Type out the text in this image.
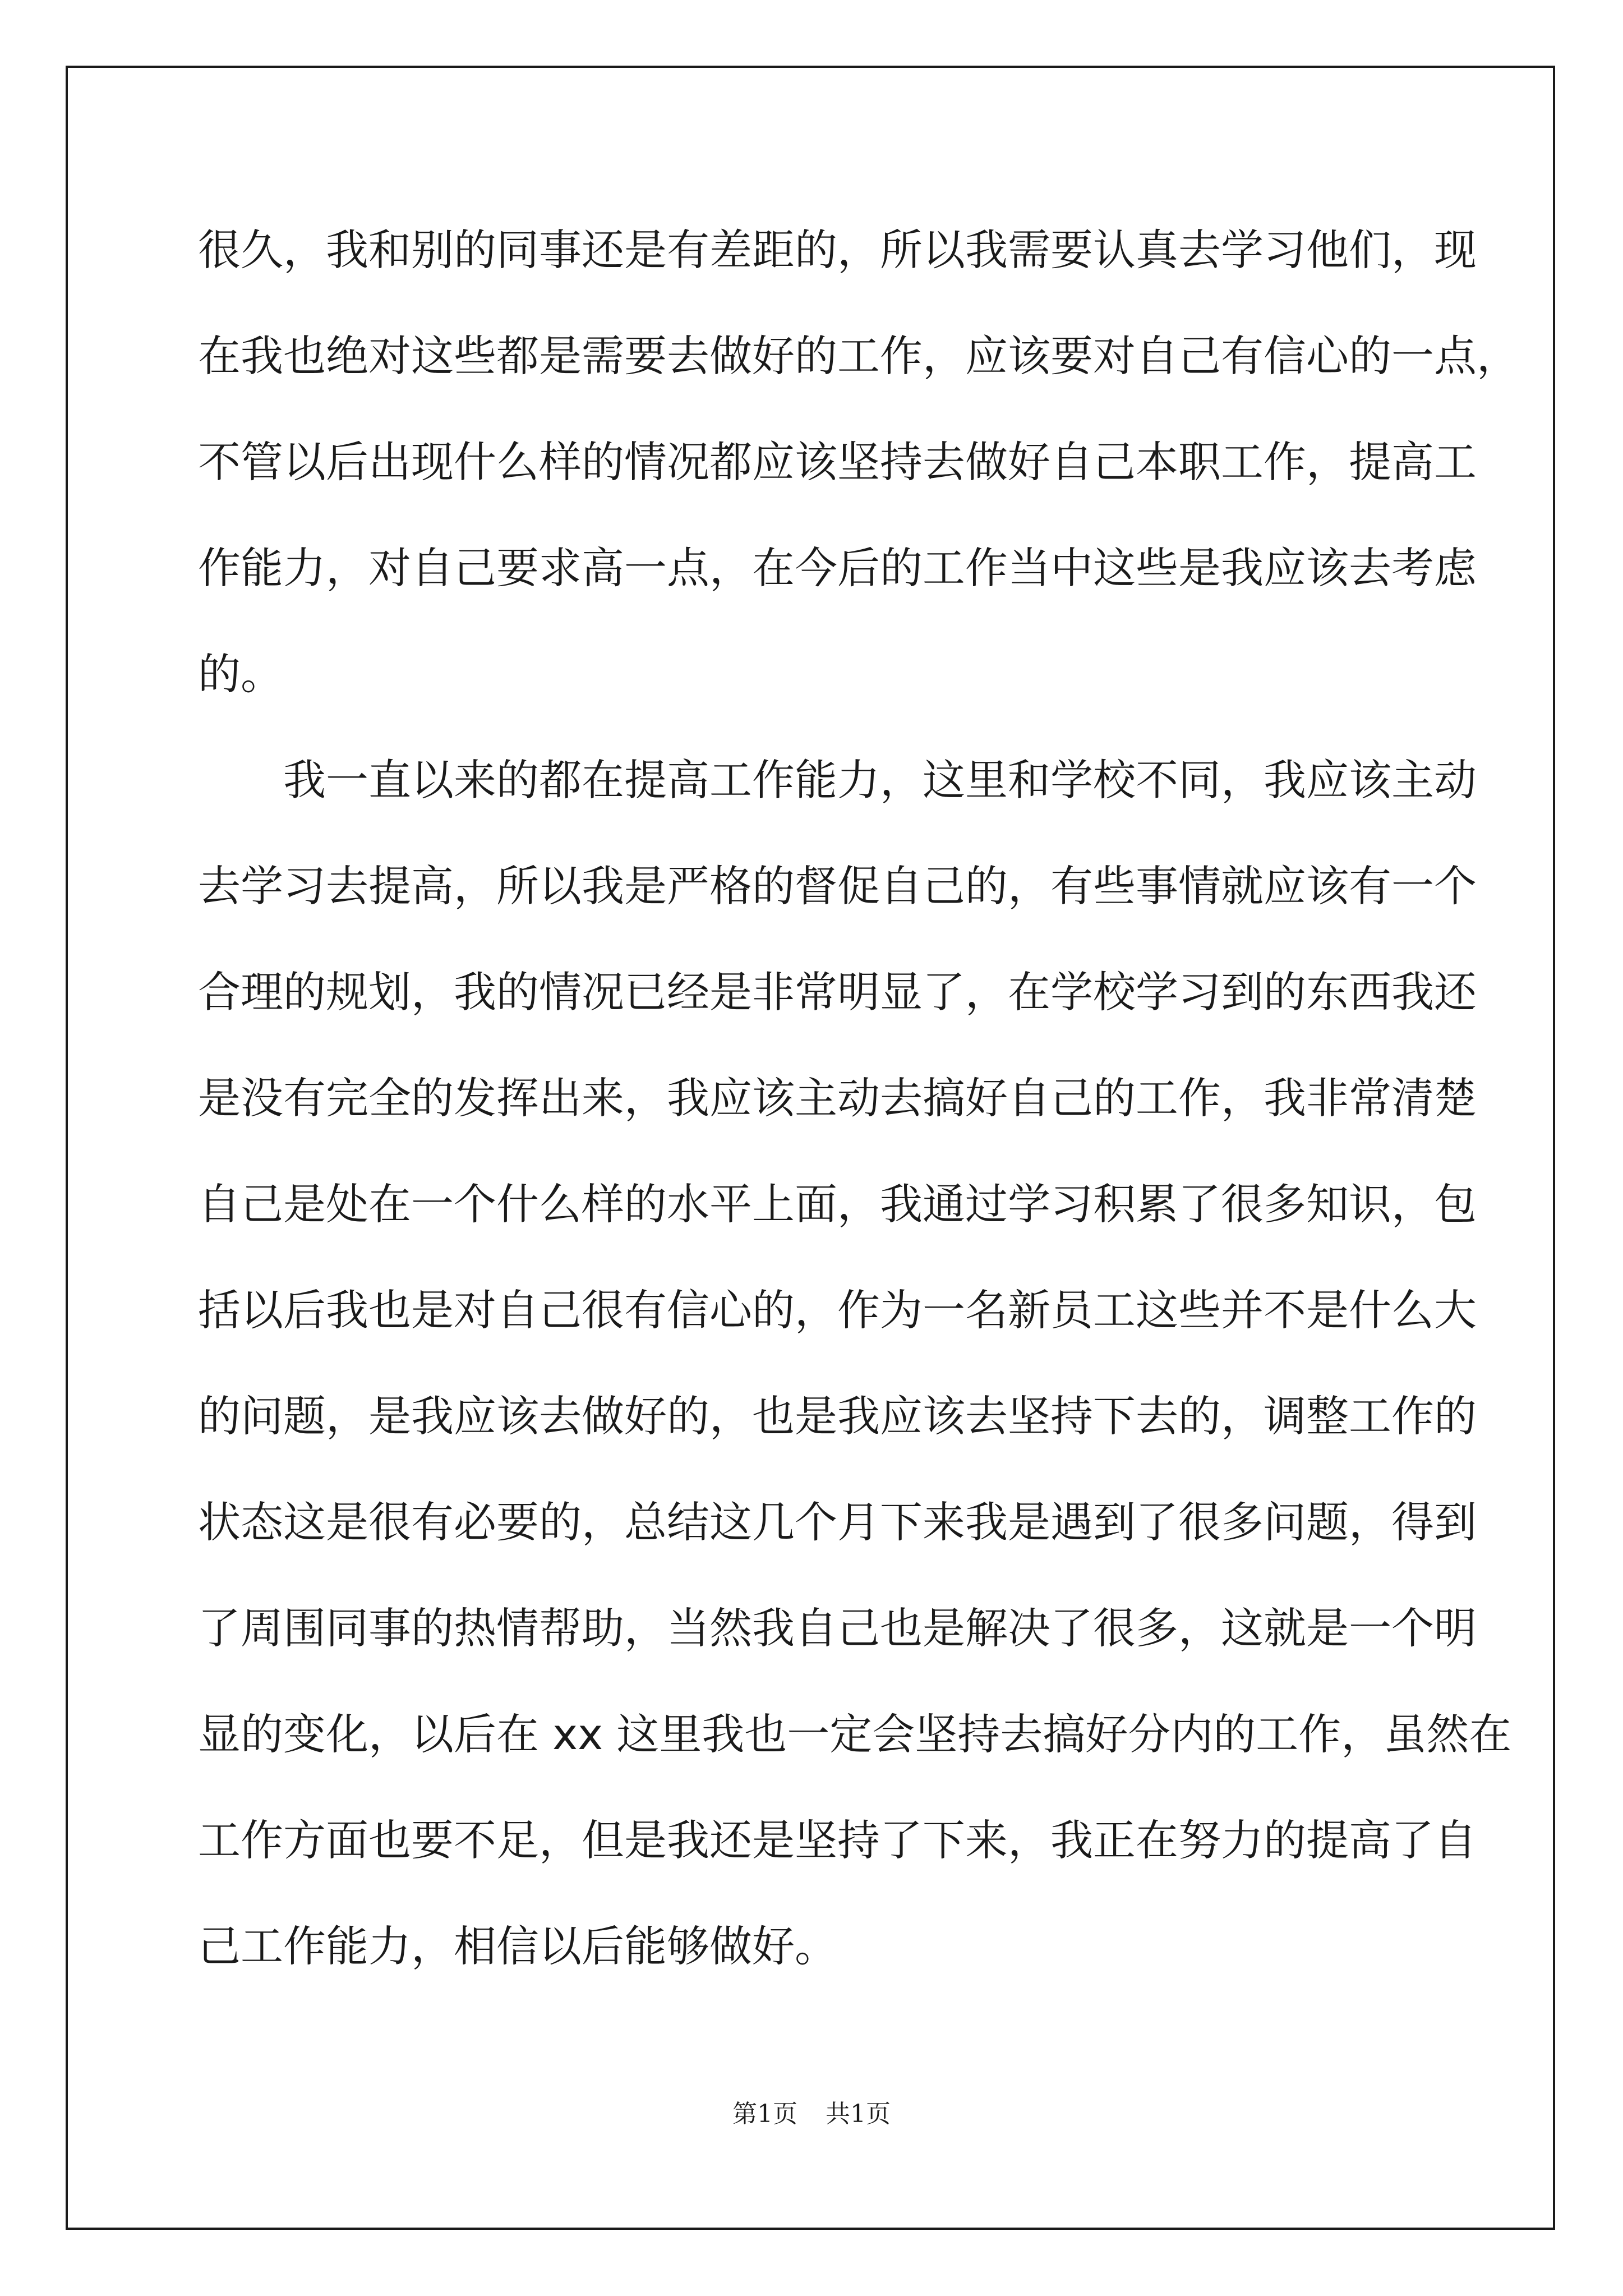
很久，我和别的同事还是有差距的，所以我需要认真去学习他们，现
在我也绝对这些都是需要去做好的工作，应该要对自己有信心的一点，
不管以后出现什么样的情况都应该坚持去做好自己本职工作，提高工
作能力，对自己要求高一点，在今后的工作当中这些是我应该去考虑
的。
我一直以来的都在提高工作能力，这里和学校不同，我应该主动
去学习去提高，所以我是严格的督促自己的，有些事情就应该有一个
合理的规划，我的情况已经是非常明显了，在学校学习到的东西我还
是没有完全的发挥出来，我应该主动去搞好自己的工作，我非常清楚
自己是处在一个什么样的水平上面，我通过学习积累了很多知识，包
括以后我也是对自己很有信心的，作为一名新员工这些并不是什么大
的问题，是我应该去做好的，也是我应该去坚持下去的，调整工作的
状态这是很有必要的，总结这几个月下来我是遇到了很多问题，得到
了周围同事的热情帮助，当然我自己也是解决了很多，这就是一个明
显的变化，以后在 xx 这里我也一定会坚持去搞好分内的工作，虽然在
工作方面也要不足，但是我还是坚持了下来，我正在努力的提高了自
己工作能力，相信以后能够做好。
第1页 共1页
